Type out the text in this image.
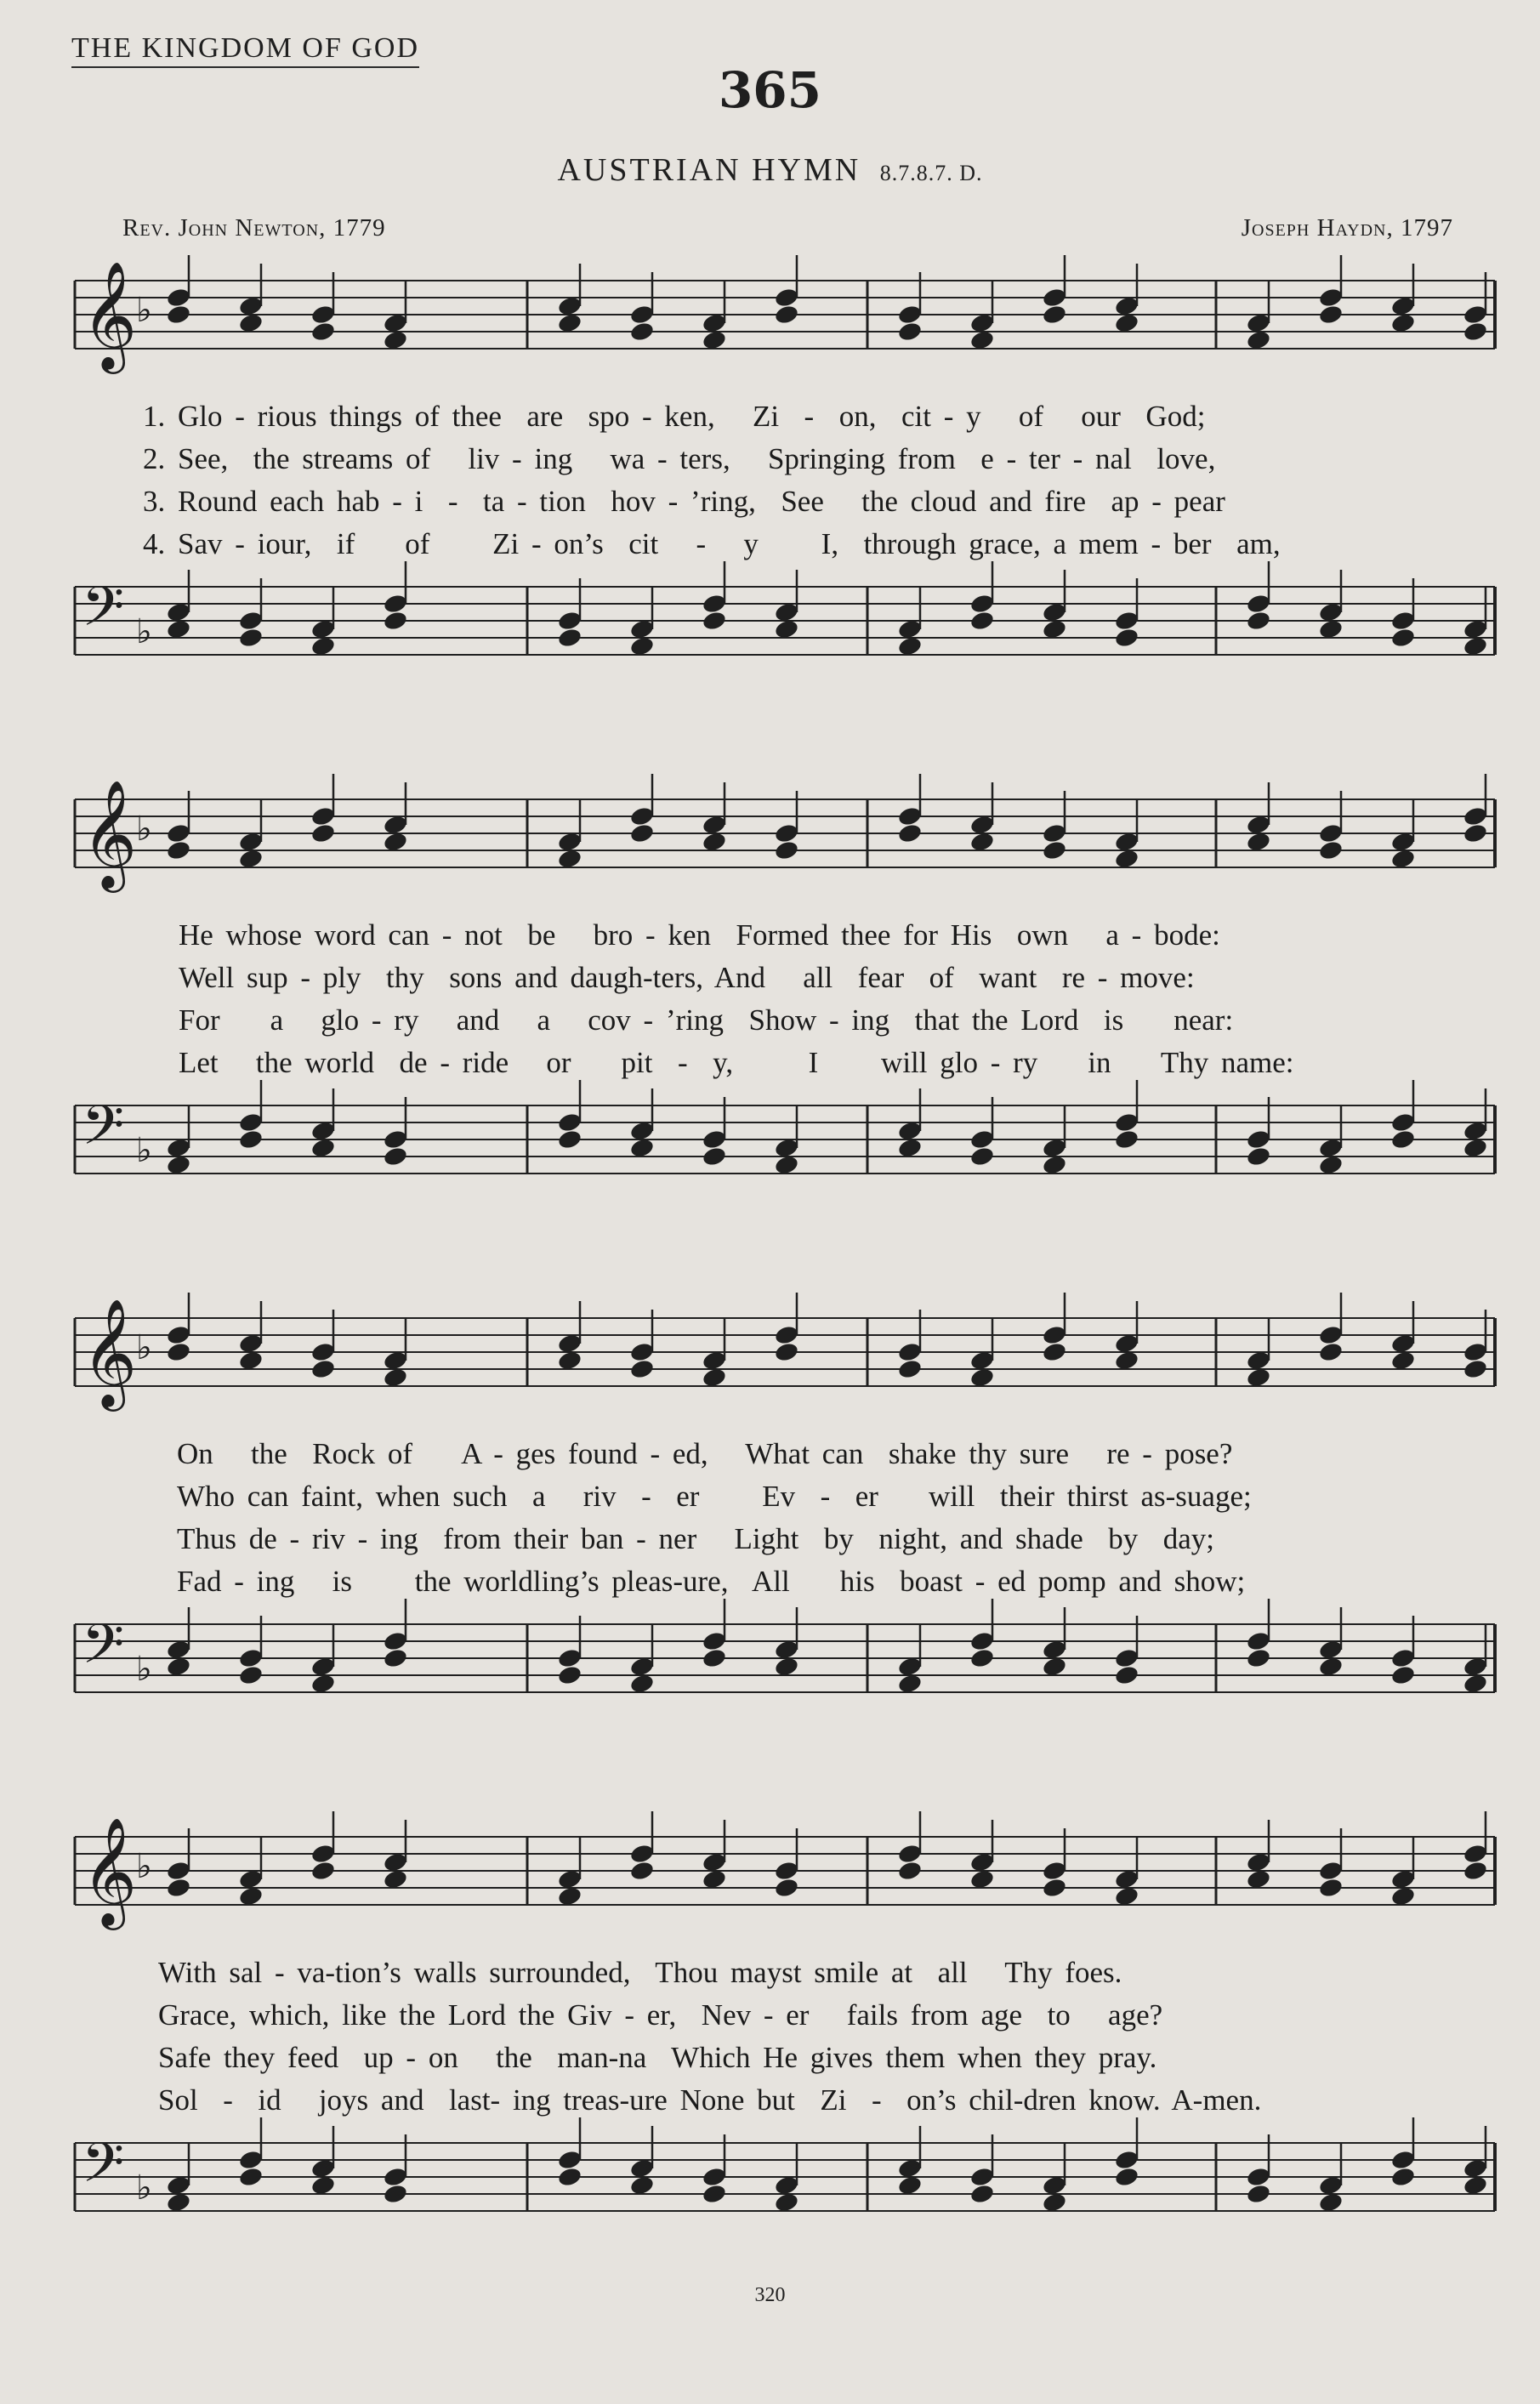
THE KINGDOM OF GOD
365
AUSTRIAN HYMN 8.7.8.7. D.
Rev. John Newton, 1779	Joseph Haydn, 1797
𝄞
♭
1. Glo - rious things of thee  are  spo - ken,   Zi  -  on,  cit - y   of   our  God;
2. See,  the streams of   liv - ing   wa - ters,   Springing from  e - ter - nal  love,
3. Round each hab - i  -  ta - tion  hov - ’ring,  See   the cloud and fire  ap - pear
4. Sav - iour,  if    of     Zi - on’s  cit   -   y     I,  through grace, a mem - ber  am,
𝄢 ♭
𝄞
♭
He whose word can - not  be   bro - ken  Formed thee for His  own   a - bode:
Well sup - ply  thy  sons and daugh-ters, And   all  fear  of  want  re - move:
For    a   glo - ry   and   a   cov - ’ring  Show - ing  that the Lord  is    near:
Let   the world  de - ride   or    pit  -  y,      I     will glo - ry    in    Thy name:
𝄢 ♭
𝄞
♭
On   the  Rock of    A - ges found - ed,   What can  shake thy sure   re - pose?
Who can faint, when such  a   riv  -  er     Ev  -  er    will  their thirst as-suage;
Thus de - riv - ing  from their ban - ner   Light  by  night, and shade  by  day;
Fad - ing   is     the worldling’s pleas-ure,  All    his  boast - ed pomp and show;
𝄢 ♭
𝄞
♭
With sal - va-tion’s walls surrounded,  Thou mayst smile at  all   Thy foes.
Grace, which, like the Lord the Giv - er,  Nev - er   fails from age  to   age?
Safe they feed  up - on   the  man-na  Which He gives them when they pray.
Sol  -  id   joys and  last- ing treas-ure None but  Zi  -  on’s chil-dren know. A-men.
𝄢 ♭
320
